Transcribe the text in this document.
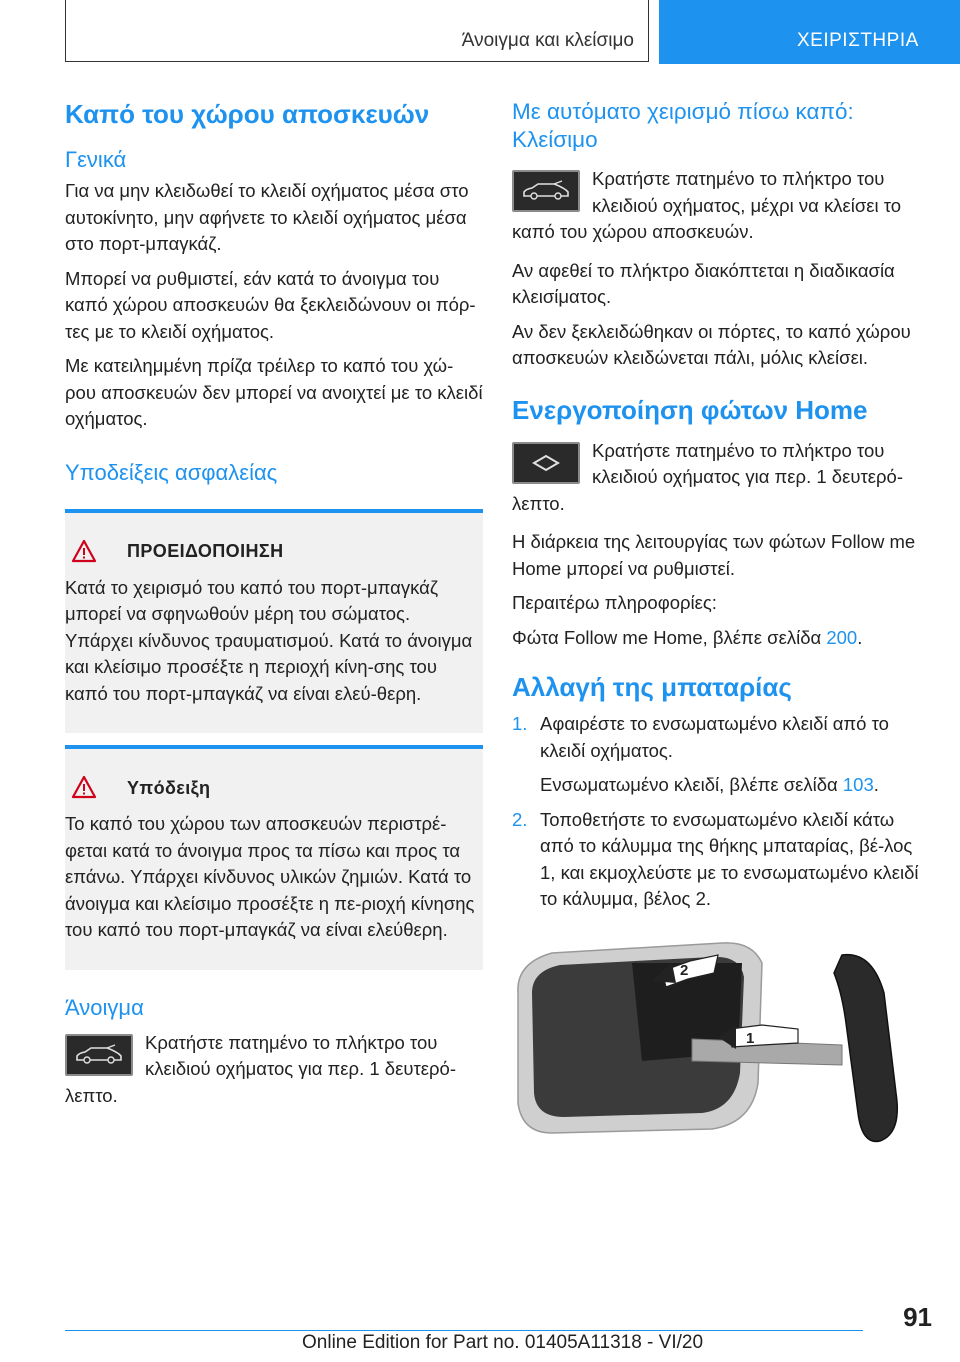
Άνοιγμα και κλείσιμο	ΧΕΙΡΙΣΤΗΡΙΑ
Καπό του χώρου αποσκευών
Γενικά

Για να μην κλειδωθεί το κλειδί οχήματος μέσα στο αυτοκίνητο, μην αφήνετε το κλειδί οχήματος μέσα στο πορτ-μπαγκάζ.

Μπορεί να ρυθμιστεί, εάν κατά το άνοιγμα του καπό χώρου αποσκευών θα ξεκλειδώνουν οι πόρ-τες με το κλειδί οχήματος.

Με κατειλημμένη πρίζα τρέιλερ το καπό του χώ-ρου αποσκευών δεν μπορεί να ανοιχτεί με το κλειδί οχήματος.

Υποδείξεις ασφαλείας
ΠΡΟΕΙΔΟΠΟΙΗΣΗ

Κατά το χειρισμό του καπό του πορτ-μπαγκάζ μπορεί να σφηνωθούν μέρη του σώματος. Υπάρχει κίνδυνος τραυματισμού. Κατά το άνοιγμα και κλείσιμο προσέξτε η περιοχή κίνη-σης του καπό του πορτ-μπαγκάζ να είναι ελεύ-θερη.

Υπόδειξη

Το καπό του χώρου των αποσκευών περιστρέ-φεται κατά το άνοιγμα προς τα πίσω και προς τα επάνω. Υπάρχει κίνδυνος υλικών ζημιών. Κατά το άνοιγμα και κλείσιμο προσέξτε η πε-ριοχή κίνησης του καπό του πορτ-μπαγκάζ να είναι ελεύθερη.

Άνοιγμα

Κρατήστε πατημένο το πλήκτρο του κλειδιού οχήματος για περ. 1 δευτερό-λεπτο.

Με αυτόματο χειρισμό πίσω καπό: Κλείσιμο

Κρατήστε πατημένο το πλήκτρο του κλειδιού οχήματος, μέχρι να κλείσει το καπό του χώρου αποσκευών.

Αν αφεθεί το πλήκτρο διακόπτεται η διαδικασία κλεισίματος.

Αν δεν ξεκλειδώθηκαν οι πόρτες, το καπό χώρου αποσκευών κλειδώνεται πάλι, μόλις κλείσει.

Ενεργοποίηση φώτων Home

Κρατήστε πατημένο το πλήκτρο του κλειδιού οχήματος για περ. 1 δευτερό-λεπτο.

Η διάρκεια της λειτουργίας των φώτων Follow me Home μπορεί να ρυθμιστεί.

Περαιτέρω πληροφορίες:

Φώτα Follow me Home, βλέπε σελίδα 200.

Αλλαγή της μπαταρίας
1. Αφαιρέστε το ενσωματωμένο κλειδί από το κλειδί οχήματος.
Ενσωματωμένο κλειδί, βλέπε σελίδα 103.
2. Τοποθετήστε το ενσωματωμένο κλειδί κάτω από το κάλυμμα της θήκης μπαταρίας, βέ-λος 1, και εκμοχλεύστε με το ενσωματωμένο κλειδί το κάλυμμα, βέλος 2.
2
1
91
Online Edition for Part no. 01405A11318 - VI/20
